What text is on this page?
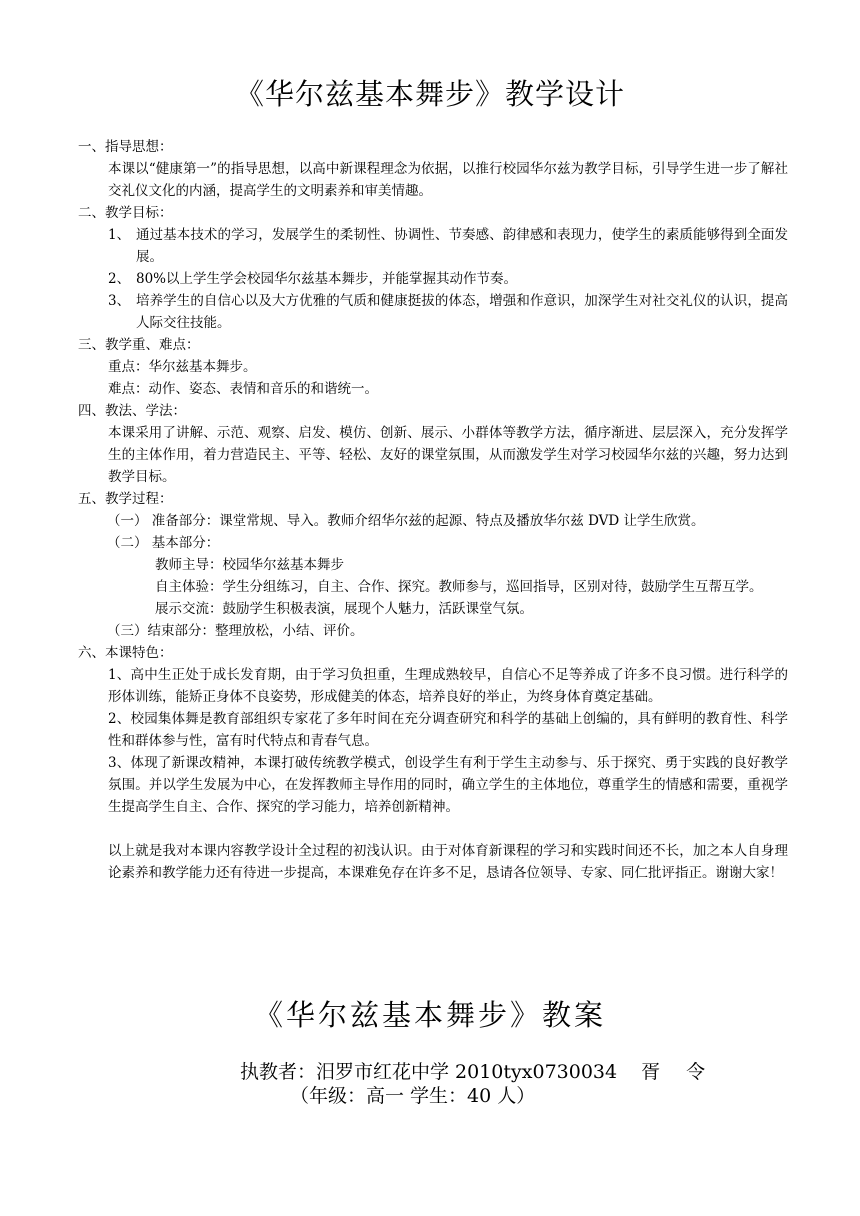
《华尔兹基本舞步》教学设计
一、指导思想：
本课以“健康第一”的指导思想，以高中新课程理念为依据，以推行校园华尔兹为教学目标，引导学生进一步了解社交礼仪文化的内涵，提高学生的文明素养和审美情趣。
二、教学目标：
1、 通过基本技术的学习，发展学生的柔韧性、协调性、节奏感、韵律感和表现力，使学生的素质能够得到全面发展。
2、 80%以上学生学会校园华尔兹基本舞步，并能掌握其动作节奏。
3、 培养学生的自信心以及大方优雅的气质和健康挺拔的体态，增强和作意识，加深学生对社交礼仪的认识，提高人际交往技能。
三、教学重、难点：
重点：华尔兹基本舞步。
难点：动作、姿态、表情和音乐的和谐统一。
四、教法、学法：
本课采用了讲解、示范、观察、启发、模仿、创新、展示、小群体等教学方法，循序渐进、层层深入，充分发挥学生的主体作用，着力营造民主、平等、轻松、友好的课堂氛围，从而激发学生对学习校园华尔兹的兴趣，努力达到教学目标。
五、教学过程：
（一） 准备部分：课堂常规、导入。教师介绍华尔兹的起源、特点及播放华尔兹 DVD 让学生欣赏。
（二） 基本部分：
教师主导：校园华尔兹基本舞步
自主体验：学生分组练习，自主、合作、探究。教师参与，巡回指导，区别对待，鼓励学生互帮互学。
展示交流：鼓励学生积极表演，展现个人魅力，活跃课堂气氛。
（三）结束部分：整理放松，小结、评价。
六、本课特色：
1、高中生正处于成长发育期，由于学习负担重，生理成熟较早，自信心不足等养成了许多不良习惯。进行科学的形体训练，能矫正身体不良姿势，形成健美的体态，培养良好的举止，为终身体育奠定基础。
2、校园集体舞是教育部组织专家花了多年时间在充分调查研究和科学的基础上创编的，具有鲜明的教育性、科学性和群体参与性，富有时代特点和青春气息。
3、体现了新课改精神，本课打破传统教学模式，创设学生有利于学生主动参与、乐于探究、勇于实践的良好教学氛围。并以学生发展为中心，在发挥教师主导作用的同时，确立学生的主体地位，尊重学生的情感和需要，重视学生提高学生自主、合作、探究的学习能力，培养创新精神。
以上就是我对本课内容教学设计全过程的初浅认识。由于对体育新课程的学习和实践时间还不长，加之本人自身理论素养和教学能力还有待进一步提高，本课难免存在许多不足，恳请各位领导、专家、同仁批评指正。谢谢大家！
《华尔兹基本舞步》教案
执教者：汨罗市红花中学 2010tyx0730034 胥 令
（年级：高一 学生：40 人）
